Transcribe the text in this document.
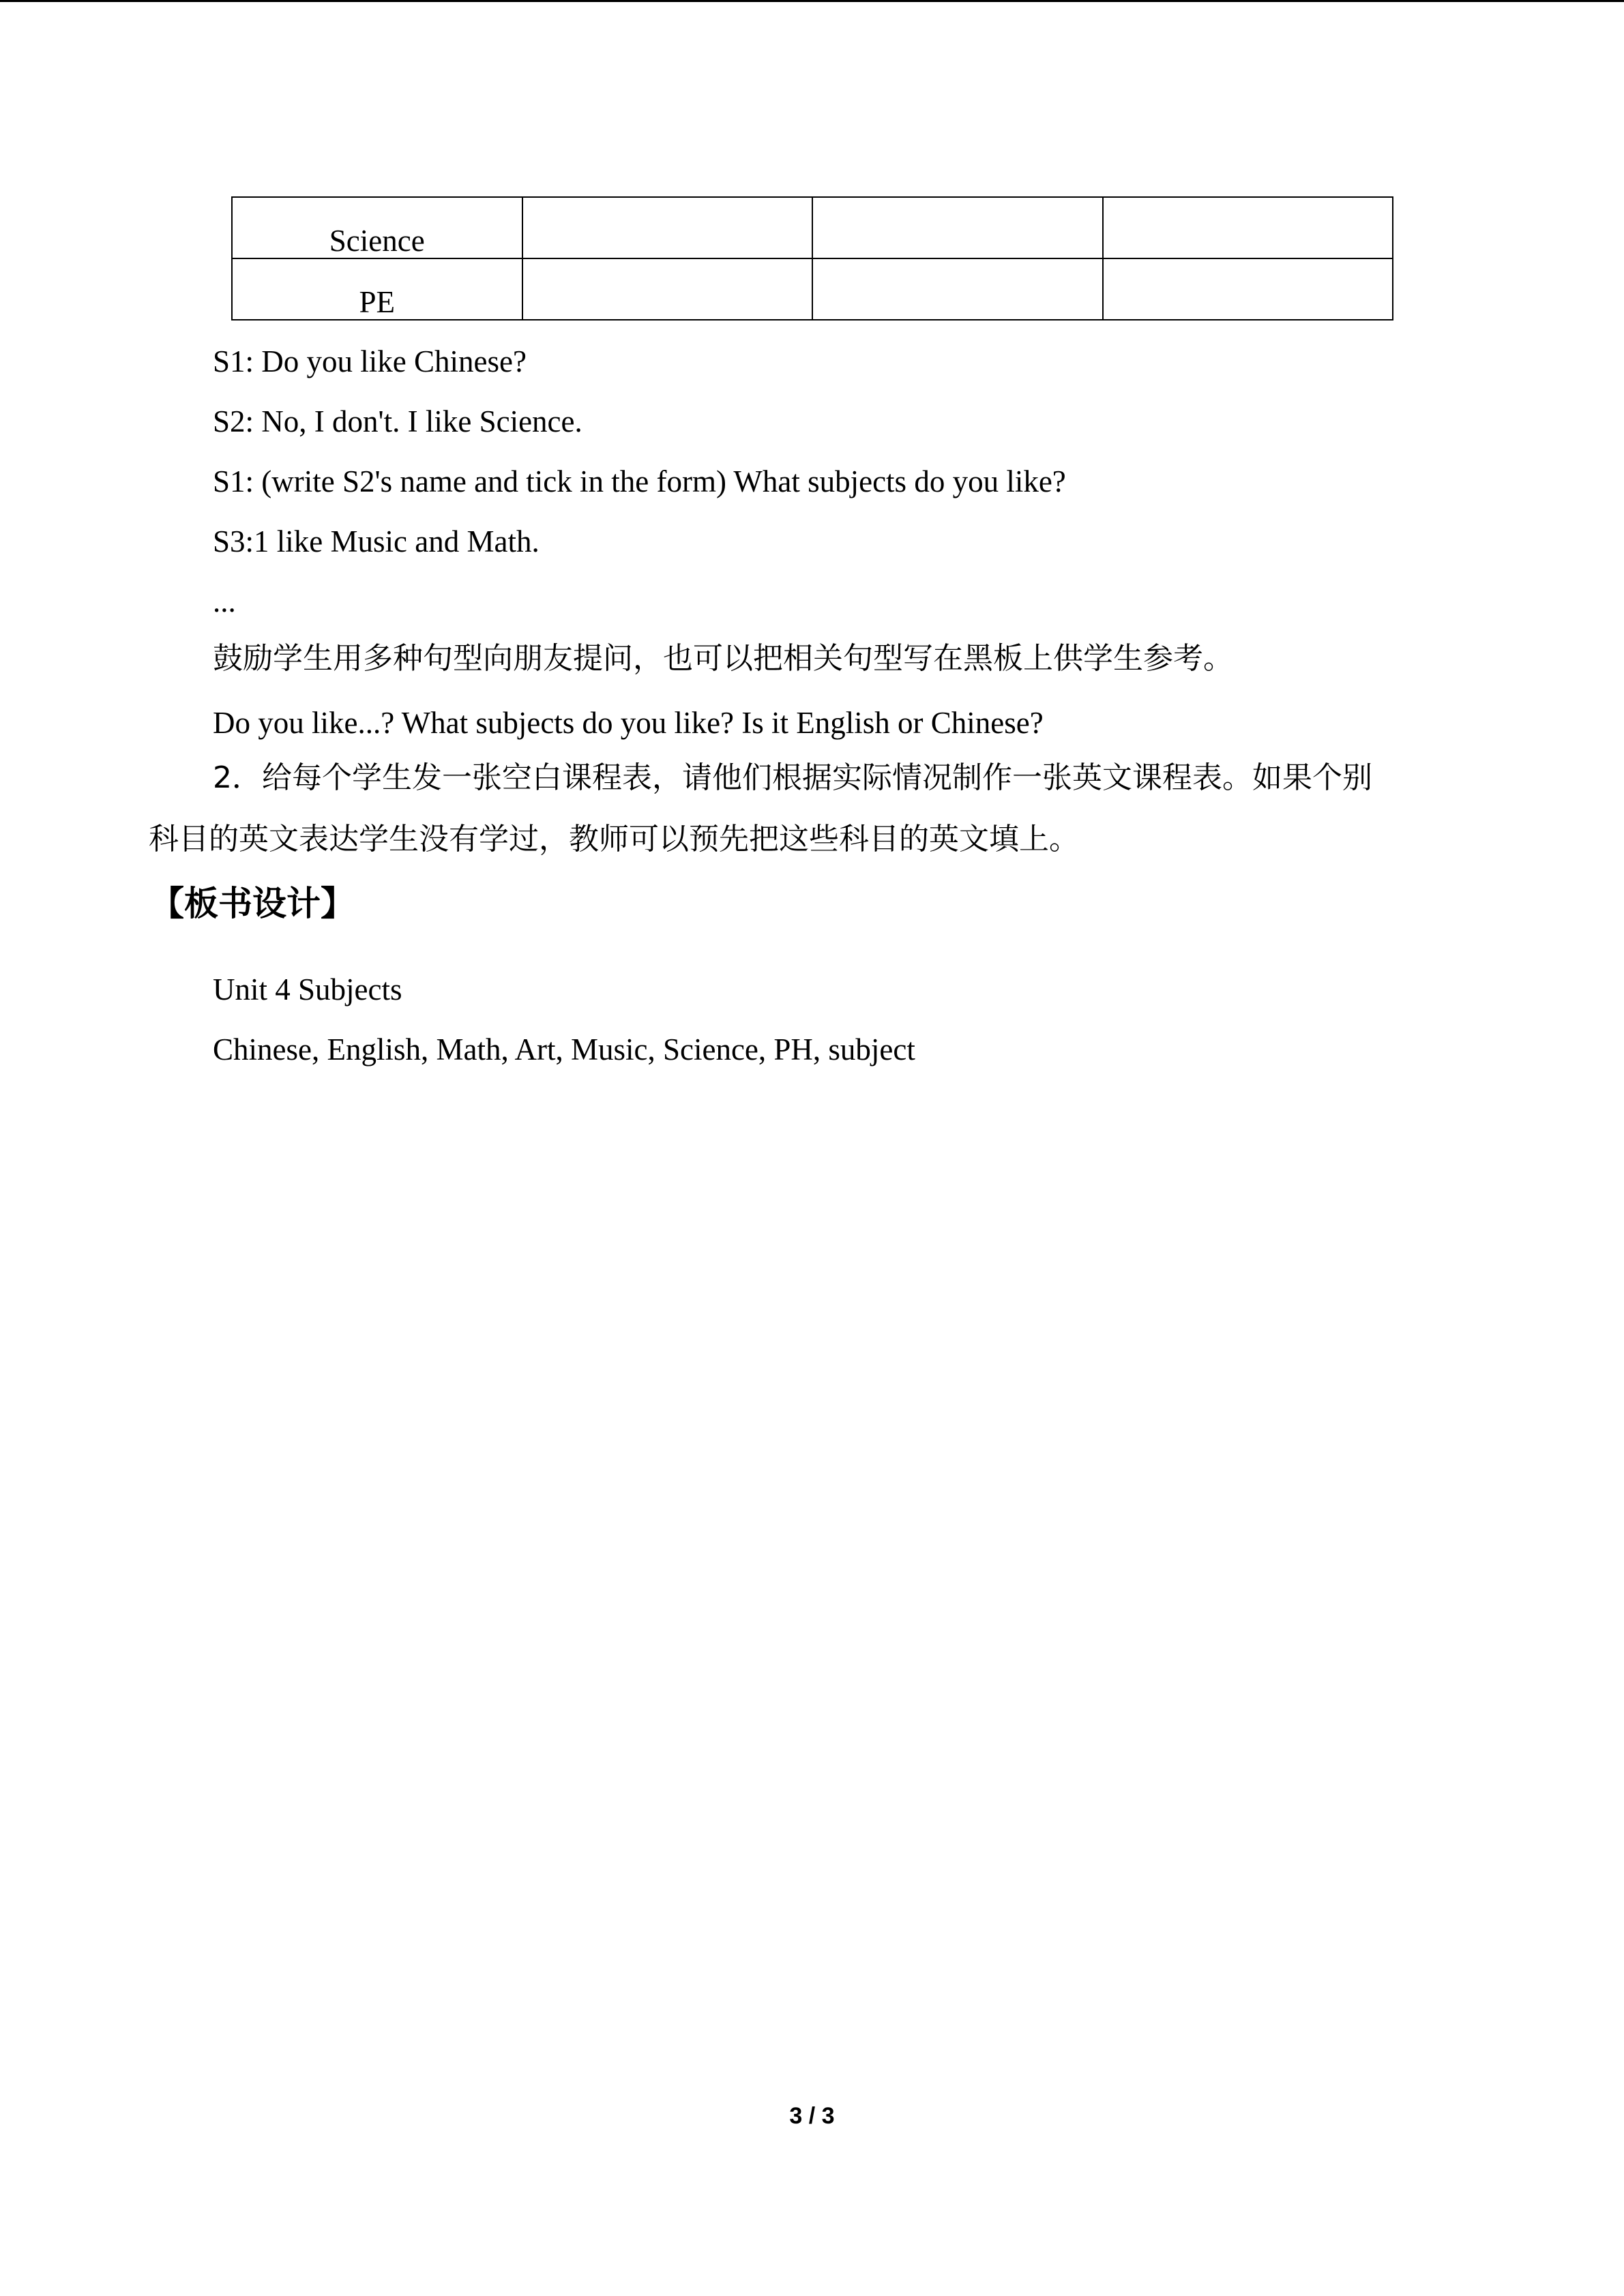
Science			
PE			
S1: Do you like Chinese?
S2: No, I don't. I like Science.
S1: (write S2's name and tick in the form) What subjects do you like?
S3:1 like Music and Math.
...
鼓励学生用多种句型向朋友提问，也可以把相关句型写在黑板上供学生参考。
Do you like...? What subjects do you like? Is it English or Chinese?
2．给每个学生发一张空白课程表，请他们根据实际情况制作一张英文课程表。如果个别
科目的英文表达学生没有学过，教师可以预先把这些科目的英文填上。
【板书设计】
Unit 4 Subjects
Chinese, English, Math, Art, Music, Science, PH, subject
3 / 3
